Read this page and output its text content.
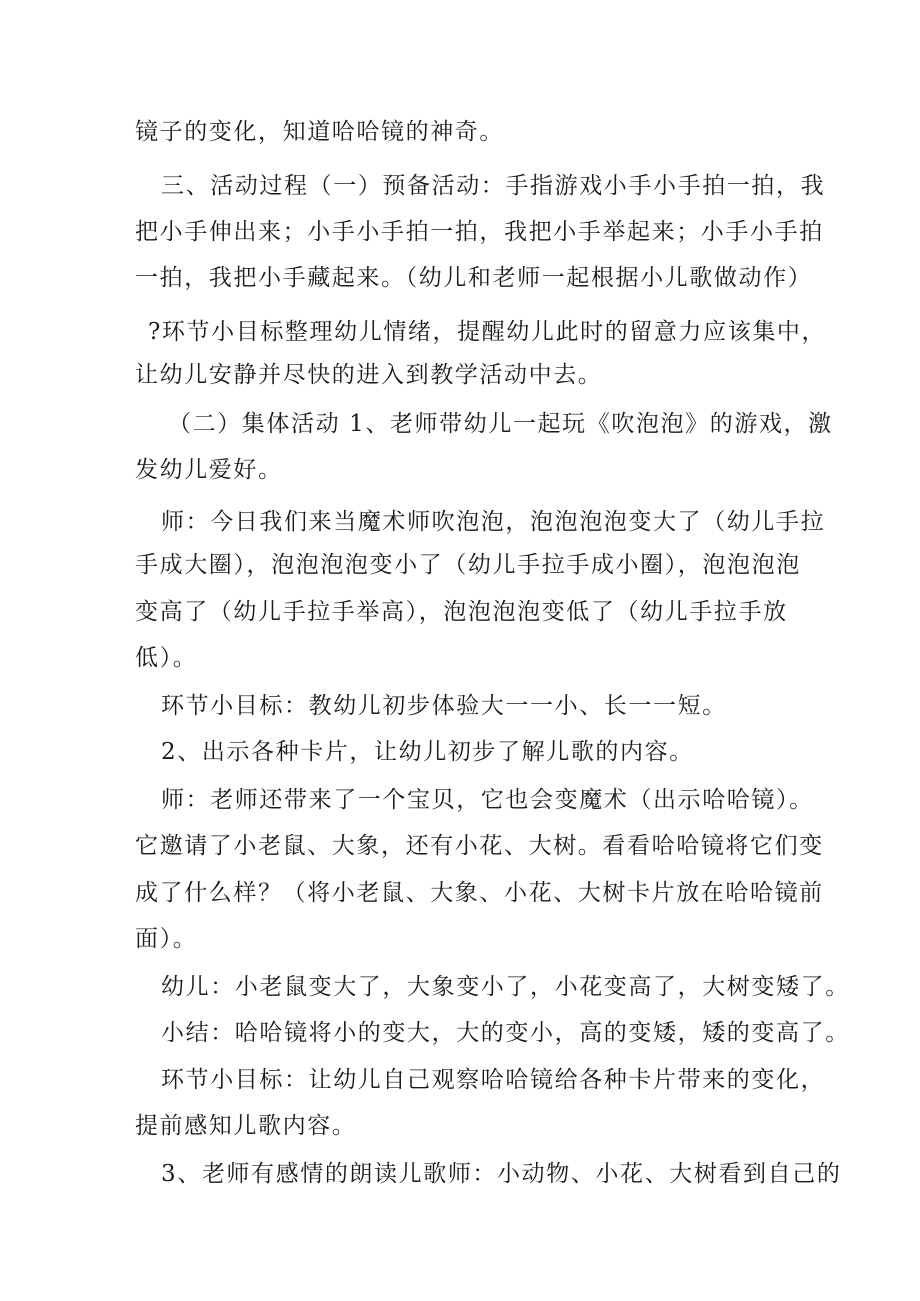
镜子的变化，知道哈哈镜的神奇。
三、活动过程（一）预备活动：手指游戏小手小手拍一拍，我
把小手伸出来；小手小手拍一拍，我把小手举起来；小手小手拍
一拍，我把小手藏起来。（幼儿和老师一起根据小儿歌做动作）
?环节小目标整理幼儿情绪，提醒幼儿此时的留意力应该集中，
让幼儿安静并尽快的进入到教学活动中去。
（二）集体活动 1、老师带幼儿一起玩《吹泡泡》的游戏，激
发幼儿爱好。
师：今日我们来当魔术师吹泡泡，泡泡泡泡变大了（幼儿手拉
手成大圈），泡泡泡泡变小了（幼儿手拉手成小圈），泡泡泡泡
变高了（幼儿手拉手举高），泡泡泡泡变低了（幼儿手拉手放
低）。
环节小目标：教幼儿初步体验大一一小、长一一短。
2、出示各种卡片，让幼儿初步了解儿歌的内容。
师：老师还带来了一个宝贝，它也会变魔术（出示哈哈镜）。
它邀请了小老鼠、大象，还有小花、大树。看看哈哈镜将它们变
成了什么样？（将小老鼠、大象、小花、大树卡片放在哈哈镜前
面）。
幼儿：小老鼠变大了，大象变小了，小花变高了，大树变矮了。
小结：哈哈镜将小的变大，大的变小，高的变矮，矮的变高了。
环节小目标：让幼儿自己观察哈哈镜给各种卡片带来的变化，
提前感知儿歌内容。
3、老师有感情的朗读儿歌师：小动物、小花、大树看到自己的
